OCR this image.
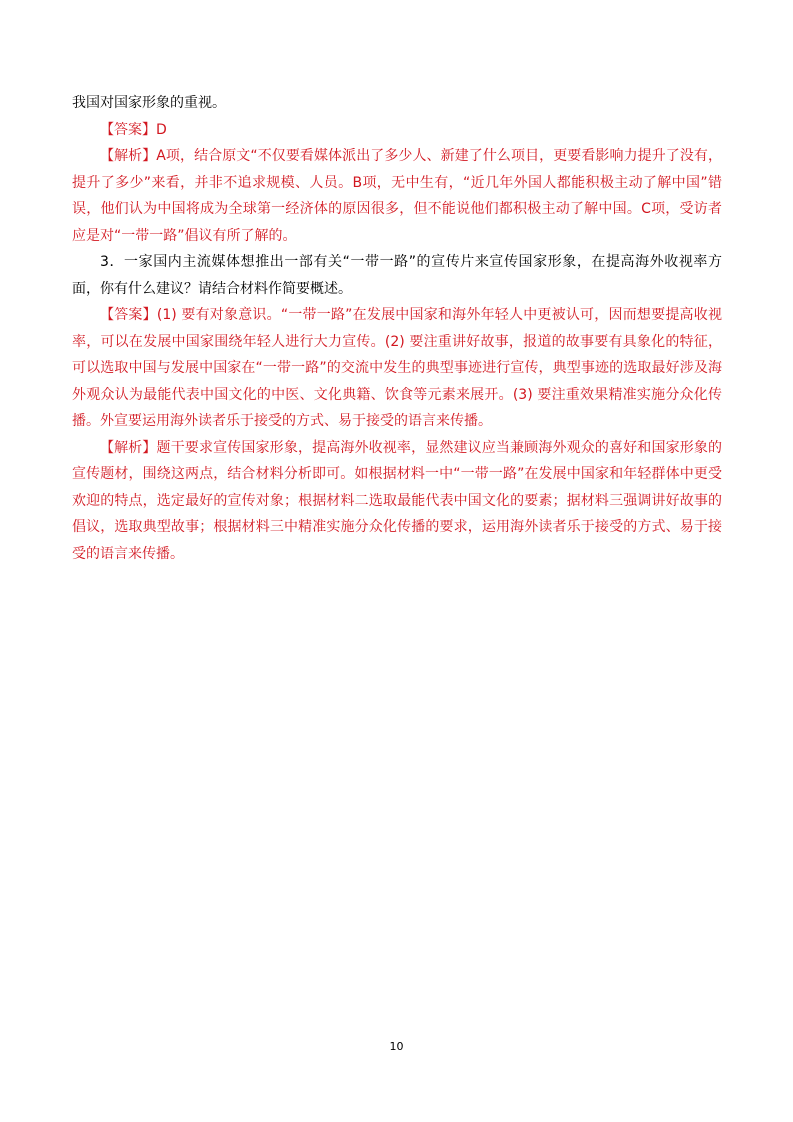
我国对国家形象的重视。

【答案】D

【解析】A项，结合原文“不仅要看媒体派出了多少人、新建了什么项目，更要看影响力提升了没有，提升了多少”来看，并非不追求规模、人员。B项，无中生有，“近几年外国人都能积极主动了解中国”错误，他们认为中国将成为全球第一经济体的原因很多，但不能说他们都积极主动了解中国。C项，受访者应是对“一带一路”倡议有所了解的。

3．一家国内主流媒体想推出一部有关“一带一路”的宣传片来宣传国家形象，在提高海外收视率方面，你有什么建议？请结合材料作简要概述。

【答案】(1) 要有对象意识。“一带一路”在发展中国家和海外年轻人中更被认可，因而想要提高收视率，可以在发展中国家围绕年轻人进行大力宣传。(2) 要注重讲好故事，报道的故事要有具象化的特征，可以选取中国与发展中国家在“一带一路”的交流中发生的典型事迹进行宣传，典型事迹的选取最好涉及海外观众认为最能代表中国文化的中医、文化典籍、饮食等元素来展开。(3) 要注重效果精准实施分众化传播。外宣要运用海外读者乐于接受的方式、易于接受的语言来传播。

【解析】题干要求宣传国家形象，提高海外收视率，显然建议应当兼顾海外观众的喜好和国家形象的宣传题材，围绕这两点，结合材料分析即可。如根据材料一中“一带一路”在发展中国家和年轻群体中更受欢迎的特点，选定最好的宣传对象；根据材料二选取最能代表中国文化的要素；据材料三强调讲好故事的倡议，选取典型故事；根据材料三中精准实施分众化传播的要求，运用海外读者乐于接受的方式、易于接受的语言来传播。

10
